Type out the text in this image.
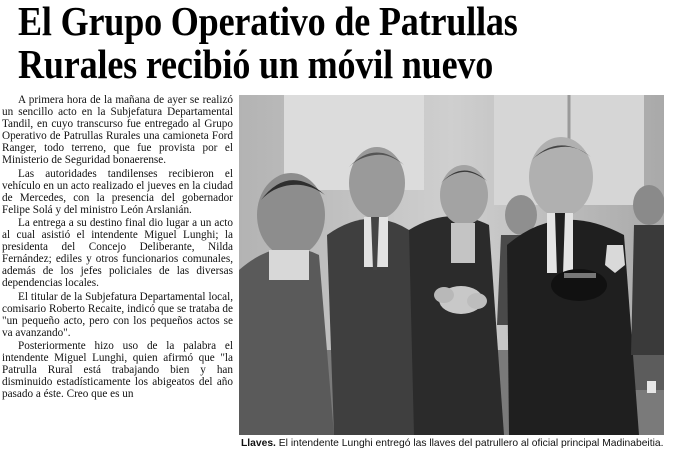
El Grupo Operativo de Patrullas
Rurales recibió un móvil nuevo

A primera hora de la mañana de ayer se realizó un sencillo acto en la Subjefatura Departamental Tandil, en cuyo transcurso fue entregado al Grupo Operativo de Patrullas Rurales una camioneta Ford Ranger, todo terreno, que fue provista por el Ministerio de Seguridad bonaerense.

Las autoridades tandilenses recibieron el vehículo en un acto realizado el jueves en la ciudad de Mercedes, con la presencia del gobernador Felipe Solá y del ministro León Arslanián.

La entrega a su destino final dio lugar a un acto al cual asistió el intendente Miguel Lunghi; la presidenta del Concejo Deliberante, Nilda Fernández; ediles y otros funcionarios comunales, además de los jefes policiales de las diversas dependencias locales.

El titular de la Subjefatura Departamental local, comisario Roberto Recaite, indicó que se trataba de "un pequeño acto, pero con los pequeños actos se va avanzando".

Posteriormente hizo uso de la palabra el intendente Miguel Lunghi, quien afirmó que "la Patrulla Rural está trabajando bien y han disminuido estadísticamente los abigeatos del año pasado a éste. Creo que es un

Llaves. El intendente Lunghi entregó las llaves del patrullero al oficial principal Madinabeitia.
